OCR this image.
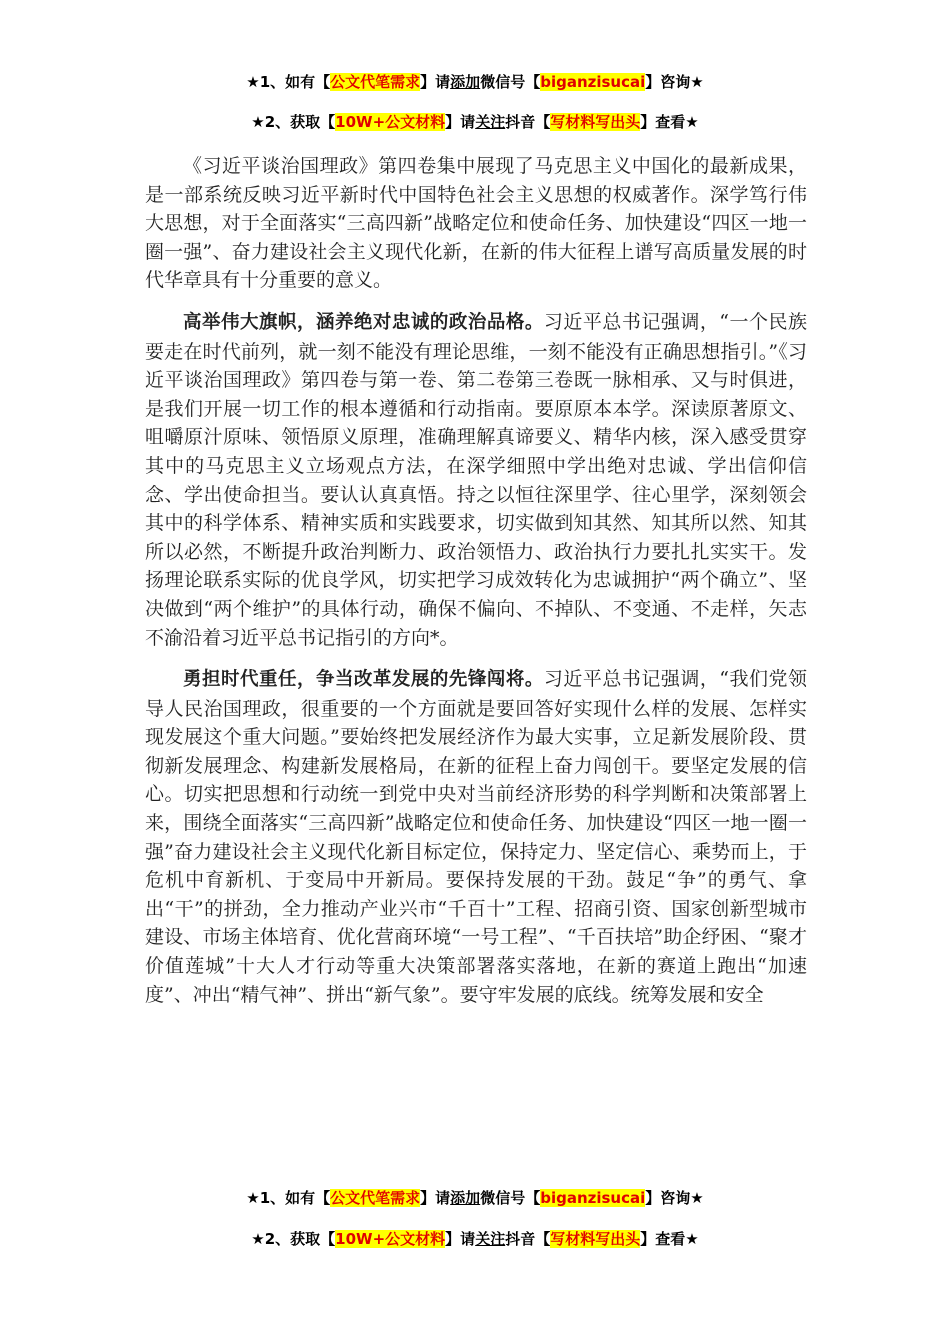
★1、如有【公文代笔需求】请添加微信号【biganzisucai】咨询★
★2、获取【10W+公文材料】请关注抖音【写材料写出头】查看★

《习近平谈治国理政》第四卷集中展现了马克思主义中国化的最新成果，是一部系统反映习近平新时代中国特色社会主义思想的权威著作。深学笃行伟大思想，对于全面落实“三高四新”战略定位和使命任务、加快建设“四区一地一圈一强”、奋力建设社会主义现代化新，在新的伟大征程上谱写高质量发展的时代华章具有十分重要的意义。

高举伟大旗帜，涵养绝对忠诚的政治品格。习近平总书记强调，“一个民族要走在时代前列，就一刻不能没有理论思维，一刻不能没有正确思想指引。”《习近平谈治国理政》第四卷与第一卷、第二卷第三卷既一脉相承、又与时俱进，是我们开展一切工作的根本遵循和行动指南。要原原本本学。深读原著原文、咀嚼原汁原味、领悟原义原理，准确理解真谛要义、精华内核，深入感受贯穿其中的马克思主义立场观点方法，在深学细照中学出绝对忠诚、学出信仰信念、学出使命担当。要认认真真悟。持之以恒往深里学、往心里学，深刻领会其中的科学体系、精神实质和实践要求，切实做到知其然、知其所以然、知其所以必然，不断提升政治判断力、政治领悟力、政治执行力要扎扎实实干。发扬理论联系实际的优良学风，切实把学习成效转化为忠诚拥护“两个确立”、坚决做到“两个维护”的具体行动，确保不偏向、不掉队、不变通、不走样，矢志不渝沿着习近平总书记指引的方向*。

勇担时代重任，争当改革发展的先锋闯将。习近平总书记强调，“我们党领导人民治国理政，很重要的一个方面就是要回答好实现什么样的发展、怎样实现发展这个重大问题。”要始终把发展经济作为最大实事，立足新发展阶段、贯彻新发展理念、构建新发展格局，在新的征程上奋力闯创干。要坚定发展的信心。切实把思想和行动统一到党中央对当前经济形势的科学判断和决策部署上来，围绕全面落实“三高四新”战略定位和使命任务、加快建设“四区一地一圈一强”奋力建设社会主义现代化新目标定位，保持定力、坚定信心、乘势而上，于危机中育新机、于变局中开新局。要保持发展的干劲。鼓足“争”的勇气、拿出“干”的拼劲，全力推动产业兴市“千百十”工程、招商引资、国家创新型城市建设、市场主体培育、优化营商环境“一号工程”、“千百扶培”助企纾困、“聚才 价值莲城”十大人才行动等重大决策部署落实落地，在新的赛道上跑出“加速度”、冲出“精气神”、拼出“新气象”。要守牢发展的底线。统筹发展和安全

★1、如有【公文代笔需求】请添加微信号【biganzisucai】咨询★
★2、获取【10W+公文材料】请关注抖音【写材料写出头】查看★
